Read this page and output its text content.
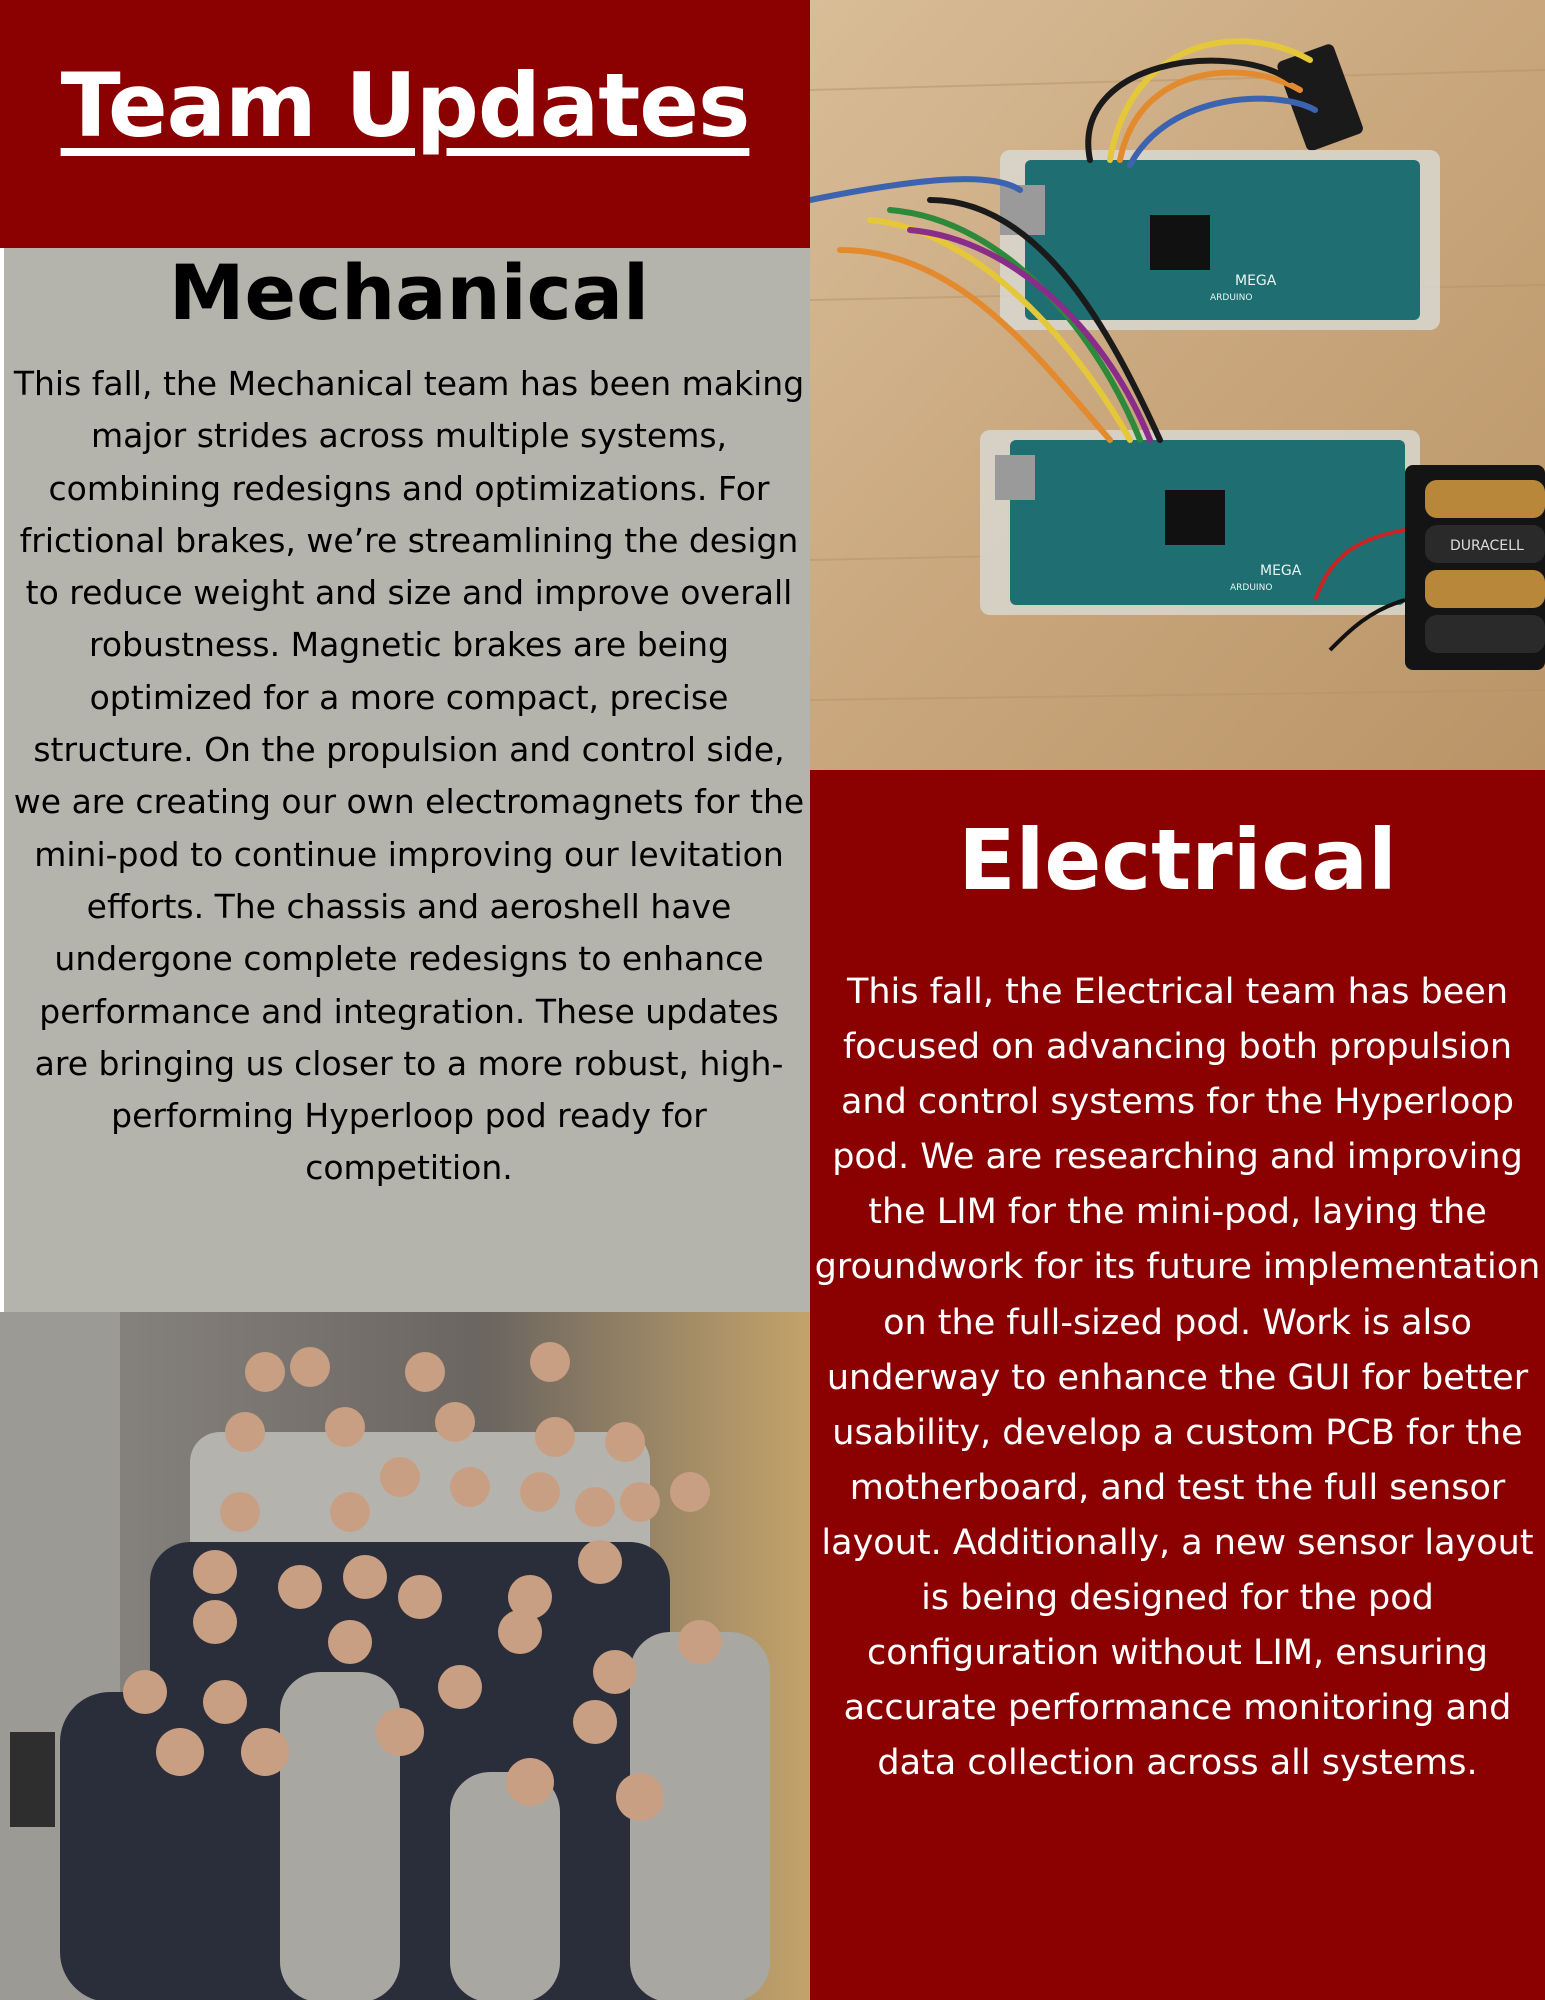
Team Updates
MEGA
ARDUINO
MEGA
ARDUINO
DURACELL
Mechanical

This fall, the Mechanical team has been making major strides across multiple systems, combining redesigns and optimizations. For frictional brakes, we’re streamlining the design to reduce weight and size and improve overall robustness. Magnetic brakes are being optimized for a more compact, precise structure. On the propulsion and control side, we are creating our own electromagnets for the mini-pod to continue improving our levitation efforts. The chassis and aeroshell have undergone complete redesigns to enhance performance and integration. These updates are bringing us closer to a more robust, high-performing Hyperloop pod ready for competition.

Electrical

This fall, the Electrical team has been focused on advancing both propulsion and control systems for the Hyperloop pod. We are researching and improving the LIM for the mini-pod, laying the groundwork for its future implementation on the full-sized pod. Work is also underway to enhance the GUI for better usability, develop a custom PCB for the motherboard, and test the full sensor layout. Additionally, a new sensor layout is being designed for the pod configuration without LIM, ensuring accurate performance monitoring and data collection across all systems.
